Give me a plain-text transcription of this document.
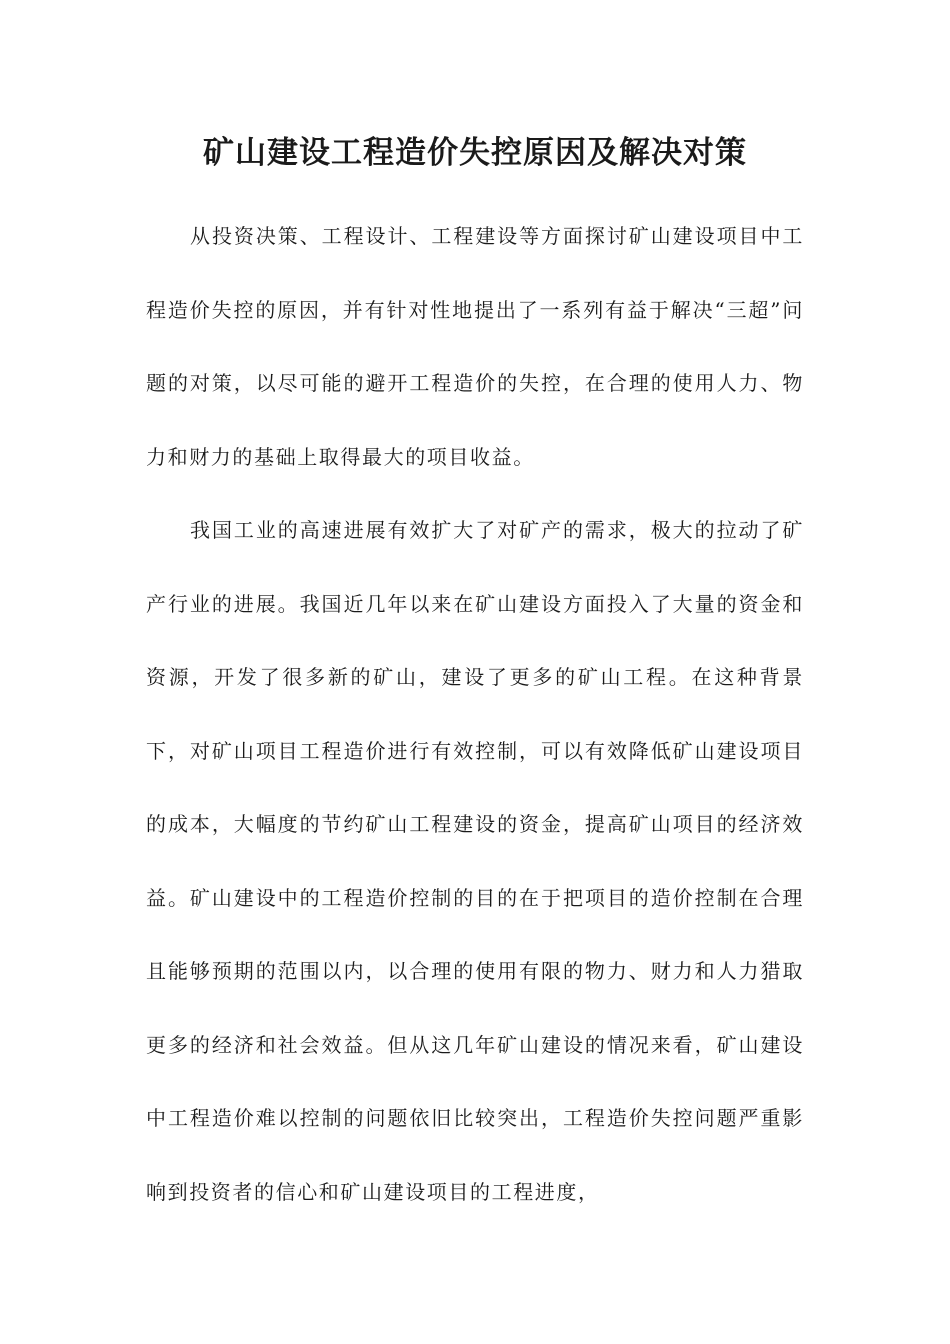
矿山建设工程造价失控原因及解决对策

从投资决策、工程设计、工程建设等方面探讨矿山建设项目中工程造价失控的原因，并有针对性地提出了一系列有益于解决“三超”问题的对策，以尽可能的避开工程造价的失控，在合理的使用人力、物力和财力的基础上取得最大的项目收益。

我国工业的高速进展有效扩大了对矿产的需求，极大的拉动了矿产行业的进展。我国近几年以来在矿山建设方面投入了大量的资金和资源，开发了很多新的矿山，建设了更多的矿山工程。在这种背景下，对矿山项目工程造价进行有效控制，可以有效降低矿山建设项目的成本，大幅度的节约矿山工程建设的资金，提高矿山项目的经济效益。矿山建设中的工程造价控制的目的在于把项目的造价控制在合理且能够预期的范围以内，以合理的使用有限的物力、财力和人力猎取更多的经济和社会效益。但从这几年矿山建设的情况来看，矿山建设中工程造价难以控制的问题依旧比较突出，工程造价失控问题严重影响到投资者的信心和矿山建设项目的工程进度，
